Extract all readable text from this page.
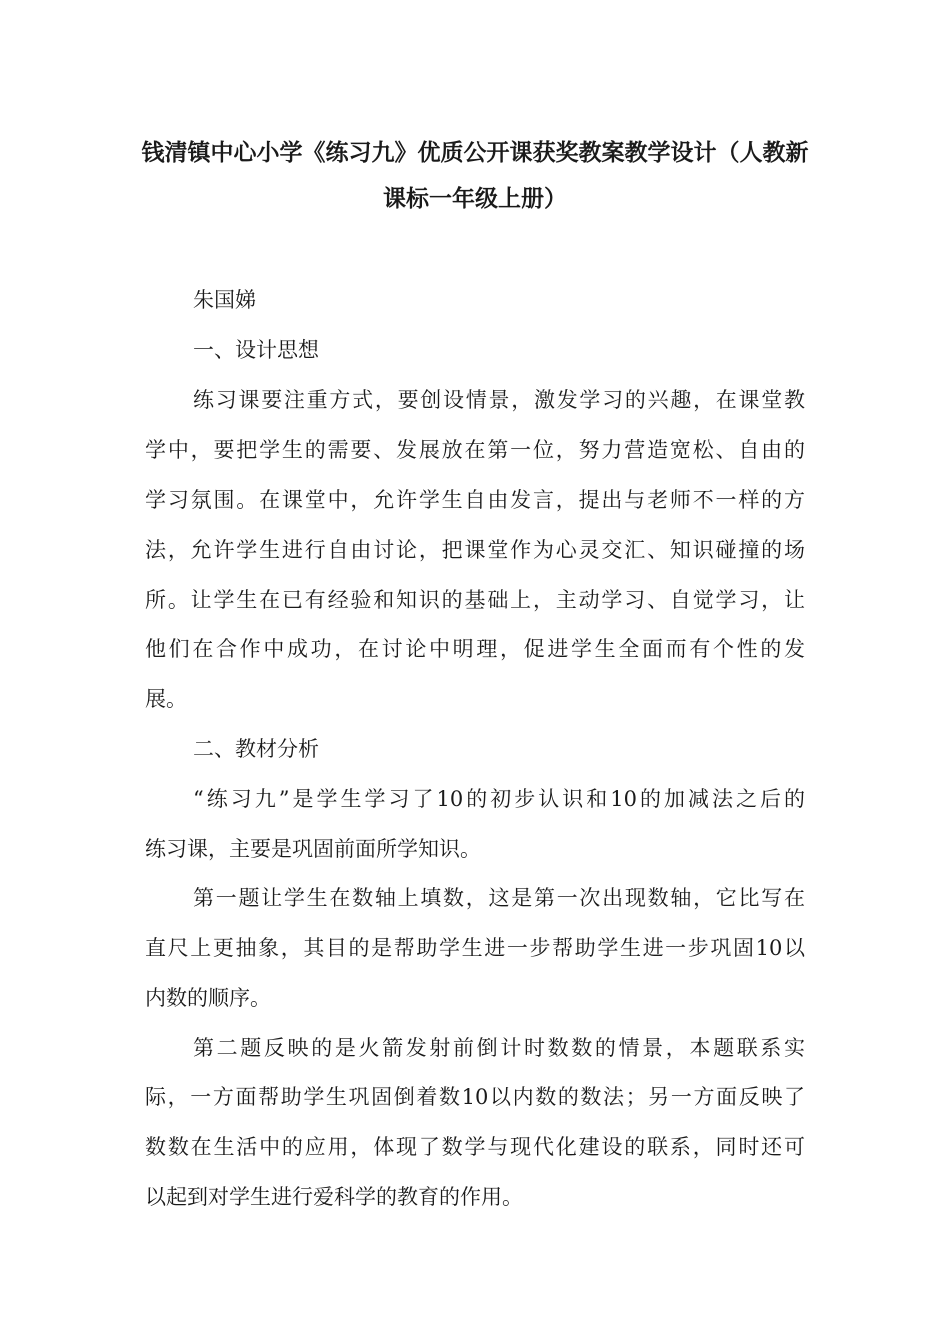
钱清镇中心小学《练习九》优质公开课获奖教案教学设计（人教新
课标一年级上册）
朱国娣
一、设计思想
练习课要注重方式，要创设情景，激发学习的兴趣，在课堂教
学中，要把学生的需要、发展放在第一位，努力营造宽松、自由的
学习氛围。在课堂中，允许学生自由发言，提出与老师不一样的方
法，允许学生进行自由讨论，把课堂作为心灵交汇、知识碰撞的场
所。让学生在已有经验和知识的基础上，主动学习、自觉学习，让
他们在合作中成功，在讨论中明理，促进学生全面而有个性的发
展。
二、教材分析
“练习九”是学生学习了10的初步认识和10的加减法之后的
练习课，主要是巩固前面所学知识。
第一题让学生在数轴上填数，这是第一次出现数轴，它比写在
直尺上更抽象，其目的是帮助学生进一步帮助学生进一步巩固10以
内数的顺序。
第二题反映的是火箭发射前倒计时数数的情景，本题联系实
际，一方面帮助学生巩固倒着数10以内数的数法；另一方面反映了
数数在生活中的应用，体现了数学与现代化建设的联系，同时还可
以起到对学生进行爱科学的教育的作用。
